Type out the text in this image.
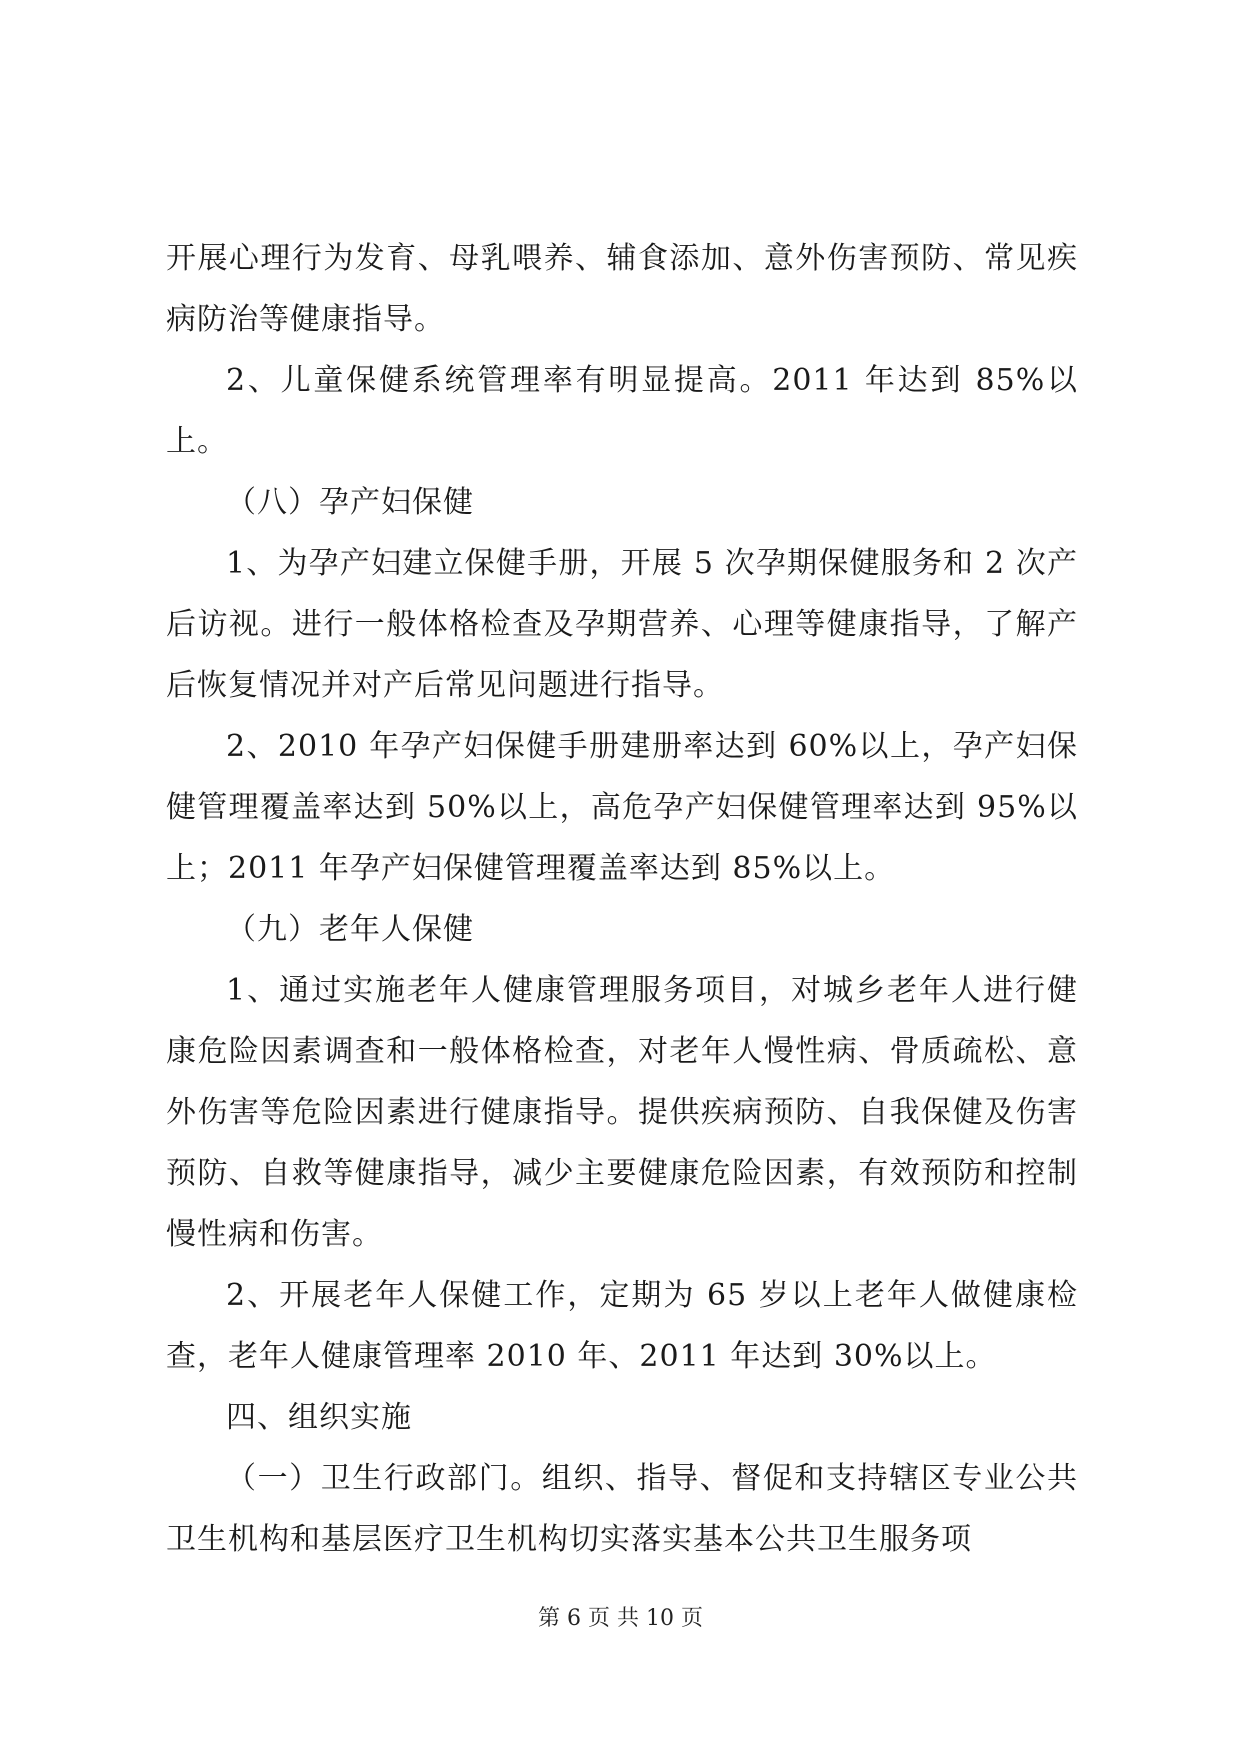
开展心理行为发育、母乳喂养、辅食添加、意外伤害预防、常见疾病防治等健康指导。

2、儿童保健系统管理率有明显提高。2011 年达到 85%以上。

（八）孕产妇保健

1、为孕产妇建立保健手册，开展 5 次孕期保健服务和 2 次产后访视。进行一般体格检查及孕期营养、心理等健康指导，了解产后恢复情况并对产后常见问题进行指导。

2、2010 年孕产妇保健手册建册率达到 60%以上，孕产妇保健管理覆盖率达到 50%以上，高危孕产妇保健管理率达到 95%以上；2011 年孕产妇保健管理覆盖率达到 85%以上。

（九）老年人保健

1、通过实施老年人健康管理服务项目，对城乡老年人进行健康危险因素调查和一般体格检查，对老年人慢性病、骨质疏松、意外伤害等危险因素进行健康指导。提供疾病预防、自我保健及伤害预防、自救等健康指导，减少主要健康危险因素，有效预防和控制慢性病和伤害。

2、开展老年人保健工作，定期为 65 岁以上老年人做健康检查，老年人健康管理率 2010 年、2011 年达到 30%以上。

四、组织实施

（一）卫生行政部门。组织、指导、督促和支持辖区专业公共卫生机构和基层医疗卫生机构切实落实基本公共卫生服务项

第 6 页 共 10 页
